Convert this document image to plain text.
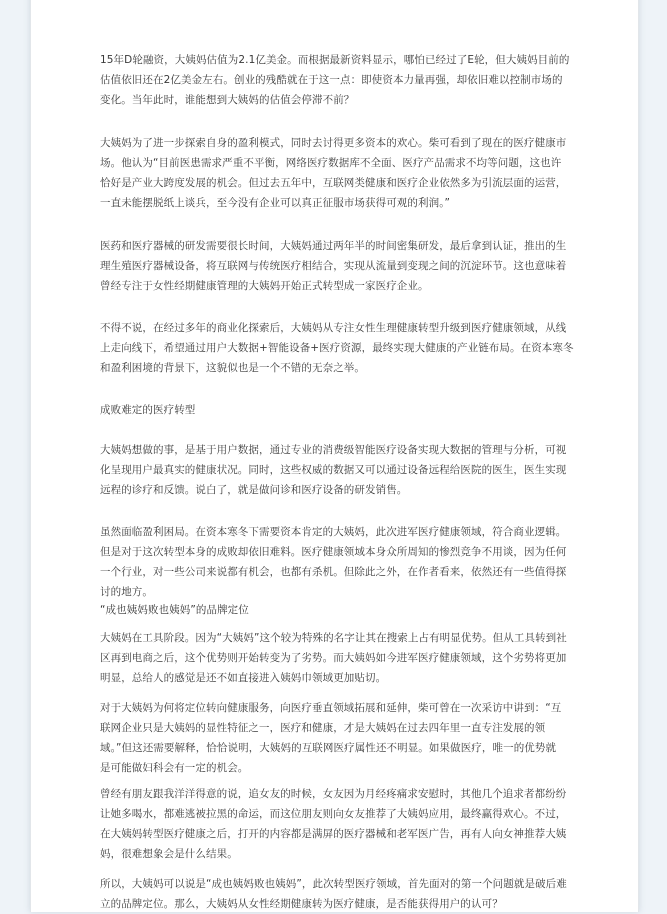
15年D轮融资，大姨妈估值为2.1亿美金。而根据最新资料显示，哪怕已经过了E轮，但大姨妈目前的
估值依旧还在2亿美金左右。创业的残酷就在于这一点：即使资本力量再强，却依旧难以控制市场的
变化。当年此时，谁能想到大姨妈的估值会停滞不前？
大姨妈为了进一步探索自身的盈利模式，同时去讨得更多资本的欢心。柴可看到了现在的医疗健康市
场。他认为“目前医患需求严重不平衡，网络医疗数据库不全面、医疗产品需求不均等问题，这也许
恰好是产业大跨度发展的机会。但过去五年中，互联网类健康和医疗企业依然多为引流层面的运营，
一直未能摆脱纸上谈兵，至今没有企业可以真正征服市场获得可观的利润。”
医药和医疗器械的研发需要很长时间，大姨妈通过两年半的时间密集研发，最后拿到认证，推出的生
理生殖医疗器械设备，将互联网与传统医疗相结合，实现从流量到变现之间的沉淀环节。这也意味着
曾经专注于女性经期健康管理的大姨妈开始正式转型成一家医疗企业。
不得不说，在经过多年的商业化探索后，大姨妈从专注女性生理健康转型升级到医疗健康领域，从线
上走向线下，希望通过用户大数据+智能设备+医疗资源，最终实现大健康的产业链布局。在资本寒冬
和盈利困境的背景下，这貌似也是一个不错的无奈之举。
成败难定的医疗转型
大姨妈想做的事，是基于用户数据，通过专业的消费级智能医疗设备实现大数据的管理与分析，可视
化呈现用户最真实的健康状况。同时，这些权威的数据又可以通过设备远程给医院的医生，医生实现
远程的诊疗和反馈。说白了，就是做问诊和医疗设备的研发销售。
虽然面临盈利困局。在资本寒冬下需要资本肯定的大姨妈，此次进军医疗健康领域，符合商业逻辑。
但是对于这次转型本身的成败却依旧难料。医疗健康领域本身众所周知的惨烈竞争不用谈，因为任何
一个行业，对一些公司来说都有机会，也都有杀机。但除此之外，在作者看来，依然还有一些值得探
讨的地方。
“成也姨妈败也姨妈”的品牌定位
大姨妈在工具阶段。因为“大姨妈”这个较为特殊的名字让其在搜索上占有明显优势。但从工具转到社
区再到电商之后，这个优势则开始转变为了劣势。而大姨妈如今进军医疗健康领域，这个劣势将更加
明显，总给人的感觉是还不如直接进入姨妈巾领域更加贴切。
对于大姨妈为何将定位转向健康服务，向医疗垂直领域拓展和延伸，柴可曾在一次采访中讲到：“互
联网企业只是大姨妈的显性特征之一，医疗和健康，才是大姨妈在过去四年里一直专注发展的领
域。”但这还需要解释，恰恰说明，大姨妈的互联网医疗属性还不明显。如果做医疗，唯一的优势就
是可能做妇科会有一定的机会。
曾经有朋友跟我洋洋得意的说，追女友的时候，女友因为月经疼痛求安慰时，其他几个追求者都纷纷
让她多喝水，都难逃被拉黑的命运，而这位朋友则向女友推荐了大姨妈应用，最终赢得欢心。不过，
在大姨妈转型医疗健康之后，打开的内容都是满屏的医疗器械和老军医广告，再有人向女神推荐大姨
妈，很难想象会是什么结果。
所以，大姨妈可以说是“成也姨妈败也姨妈”，此次转型医疗领域，首先面对的第一个问题就是破后难
立的品牌定位。那么，大姨妈从女性经期健康转为医疗健康，是否能获得用户的认可？
